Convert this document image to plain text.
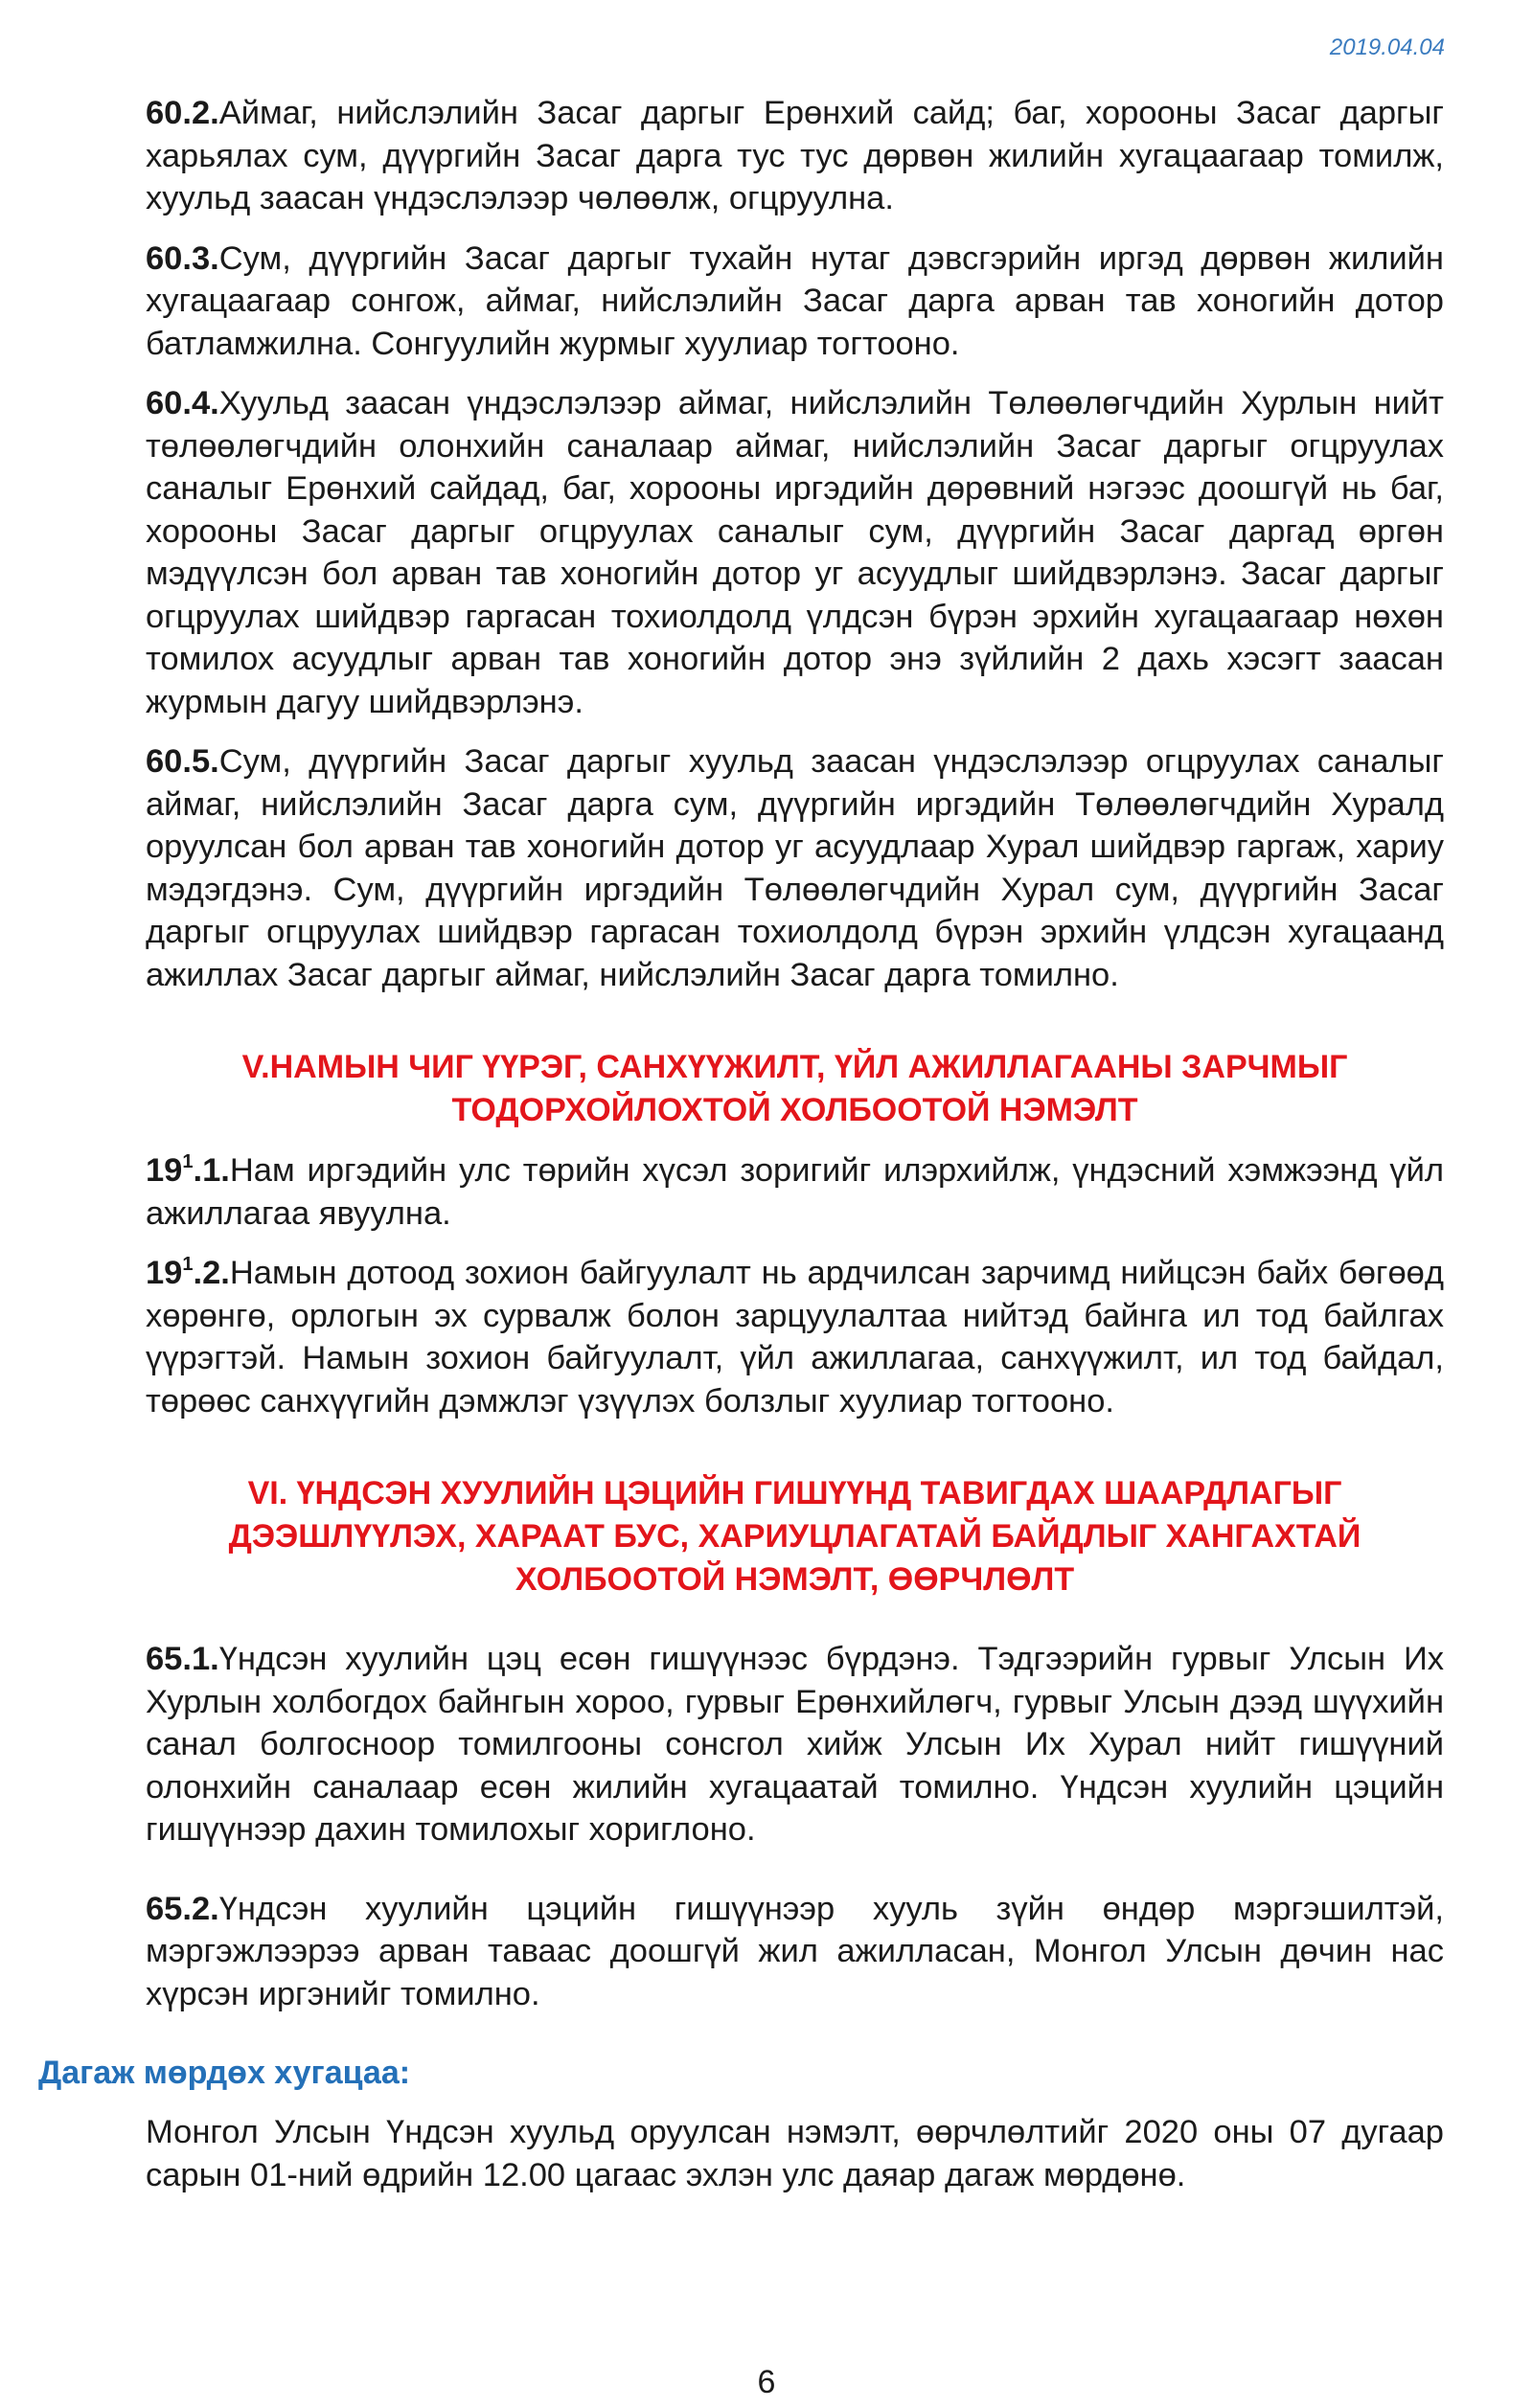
2019.04.04

60.2.Аймаг, нийслэлийн Засаг даргыг Ерөнхий сайд; баг, хорооны Засаг даргыг харьялах сум, дүүргийн Засаг дарга тус тус дөрвөн жилийн хугацаагаар томилж, хуульд заасан үндэслэлээр чөлөөлж, огцруулна.

60.3.Сум, дүүргийн Засаг даргыг тухайн нутаг дэвсгэрийн иргэд дөрвөн жилийн хугацаагаар сонгож, аймаг, нийслэлийн Засаг дарга арван тав хоногийн дотор батламжилна. Сонгуулийн журмыг хуулиар тогтооно.

60.4.Хуульд заасан үндэслэлээр аймаг, нийслэлийн Төлөөлөгчдийн Хурлын нийт төлөөлөгчдийн олонхийн саналаар аймаг, нийслэлийн Засаг даргыг огцруулах саналыг Ерөнхий сайдад, баг, хорооны иргэдийн дөрөвний нэгээс доошгүй нь баг, хорооны Засаг даргыг огцруулах саналыг сум, дүүргийн Засаг даргад өргөн мэдүүлсэн бол арван тав хоногийн дотор уг асуудлыг шийдвэрлэнэ. Засаг даргыг огцруулах шийдвэр гаргасан тохиолдолд үлдсэн бүрэн эрхийн хугацаагаар нөхөн томилох асуудлыг арван тав хоногийн дотор энэ зүйлийн 2 дахь хэсэгт заасан журмын дагуу шийдвэрлэнэ.

60.5.Сум, дүүргийн Засаг даргыг хуульд заасан үндэслэлээр огцруулах саналыг аймаг, нийслэлийн Засаг дарга сум, дүүргийн иргэдийн Төлөөлөгчдийн Хуралд оруулсан бол арван тав хоногийн дотор уг асуудлаар Хурал шийдвэр гаргаж, хариу мэдэгдэнэ. Сум, дүүргийн иргэдийн Төлөөлөгчдийн Хурал сум, дүүргийн Засаг даргыг огцруулах шийдвэр гаргасан тохиолдолд бүрэн эрхийн үлдсэн хугацаанд ажиллах Засаг даргыг аймаг, нийслэлийн Засаг дарга томилно.

V.НАМЫН ЧИГ ҮҮРЭГ, САНХҮҮЖИЛТ, ҮЙЛ АЖИЛЛАГААНЫ ЗАРЧМЫГ
ТОДОРХОЙЛОХТОЙ ХОЛБООТОЙ НЭМЭЛТ

$19^1.1.Нам$ иргэдийн улс төрийн хүсэл зоригийг илэрхийлж, үндэсний хэмжээнд үйл ажиллагаа явуулна.

$19^1.2.Намын$ дотоод зохион байгуулалт нь ардчилсан зарчимд нийцсэн байх бөгөөд хөрөнгө, орлогын эх сурвалж болон зарцуулалтаа нийтэд байнга ил тод байлгах үүрэгтэй. Намын зохион байгуулалт, үйл ажиллагаа, санхүүжилт, ил тод байдал, төрөөс санхүүгийн дэмжлэг үзүүлэх болзлыг хуулиар тогтооно.

VI. ҮНДСЭН ХУУЛИЙН ЦЭЦИЙН ГИШҮҮНД ТАВИГДАХ ШААРДЛАГЫГ
ДЭЭШЛҮҮЛЭХ, ХАРААТ БУС, ХАРИУЦЛАГАТАЙ БАЙДЛЫГ ХАНГАХТАЙ
ХОЛБООТОЙ НЭМЭЛТ, ӨӨРЧЛӨЛТ

65.1.Үндсэн хуулийн цэц есөн гишүүнээс бүрдэнэ. Тэдгээрийн гурвыг Улсын Их Хурлын холбогдох байнгын хороо, гурвыг Ерөнхийлөгч, гурвыг Улсын дээд шүүхийн санал болгосноор томилгооны сонсгол хийж Улсын Их Хурал нийт гишүүний олонхийн саналаар есөн жилийн хугацаатай томилно. Үндсэн хуулийн цэцийн гишүүнээр дахин томилохыг хориглоно.

65.2.Үндсэн хуулийн цэцийн гишүүнээр хууль зүйн өндөр мэргэшилтэй, мэргэжлээрээ арван таваас доошгүй жил ажилласан, Монгол Улсын дөчин нас хүрсэн иргэнийг томилно.

Дагаж мөрдөх хугацаа:

Монгол Улсын Үндсэн хуульд оруулсан нэмэлт, өөрчлөлтийг 2020 оны 07 дугаар сарын 01-ний өдрийн 12.00 цагаас эхлэн улс даяар дагаж мөрдөнө.

6
